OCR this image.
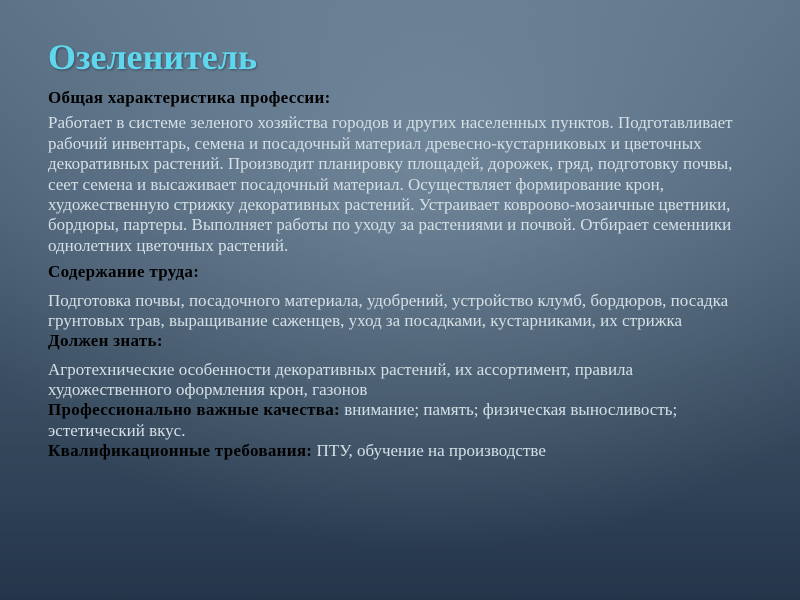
Озеленитель
Общая характеристика профессии:

Работает в системе зеленого хозяйства городов и других населенных пунктов. Подготавливает рабочий инвентарь, семена и посадочный материал древесно-кустарниковых и цветочных декоративных растений. Производит планировку площадей, дорожек, гряд, подготовку почвы, сеет семена и высаживает посадочный материал. Осуществляет формирование крон, художественную стрижку декоративных растений. Устраивает ковроово-мозаичные цветники, бордюры, партеры. Выполняет работы по уходу за растениями и почвой. Отбирает семенники однолетних цветочных растений.

Содержание труда:

Подготовка почвы, посадочного материала, удобрений, устройство клумб, бордюров, посадка грунтовых трав, выращивание саженцев, уход за посадками, кустарниками, их стрижка

Должен знать:

Агротехнические особенности декоративных растений, их ассортимент, правила художественного оформления крон, газонов

Профессионально важные качества: внимание; память; физическая выносливость; эстетический вкус.
Квалификационные требования: ПТУ, обучение на производстве
